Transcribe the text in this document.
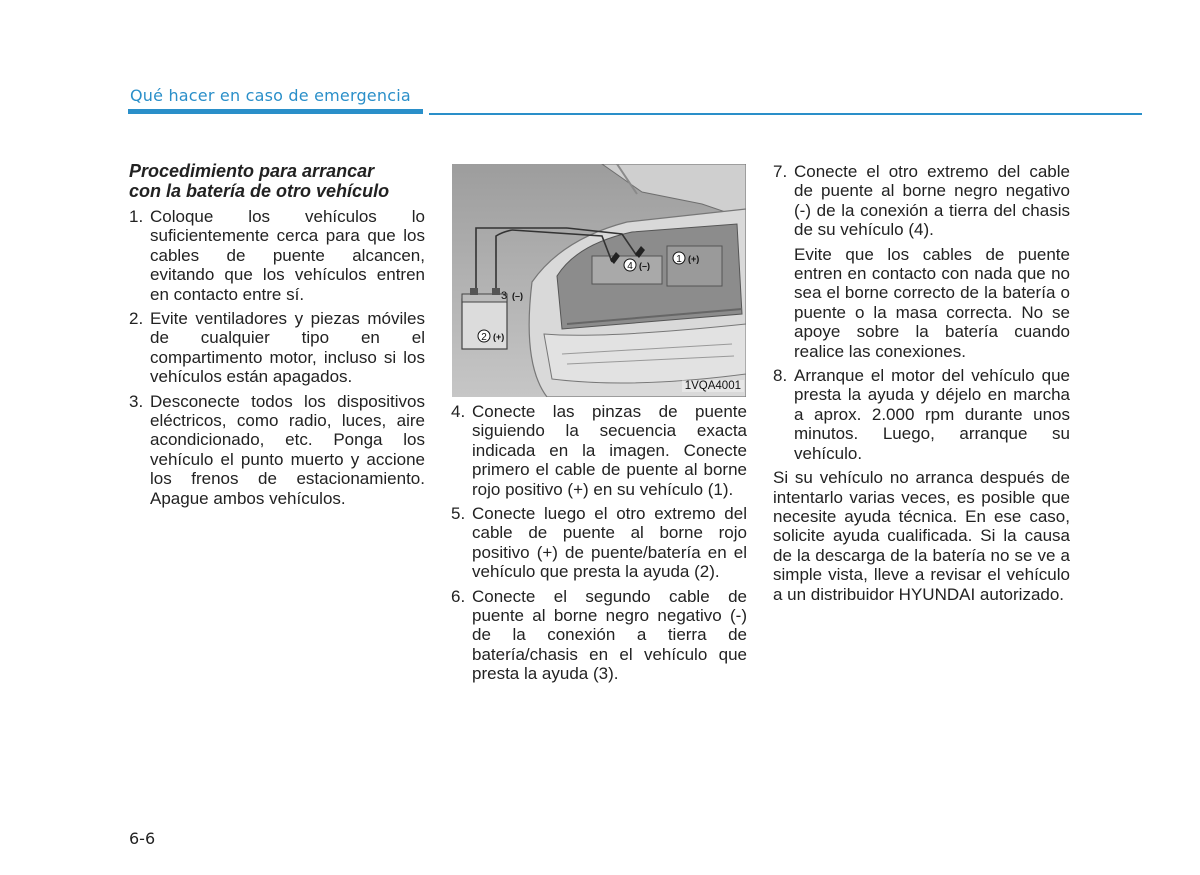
Qué hacer en caso de emergencia
Procedimiento para arrancar
con la batería de otro vehículo
1. Coloque los vehículos lo suficientemente cerca para que los cables de puente alcancen, evitando que los vehículos entren en contacto entre sí.
2. Evite ventiladores y piezas móviles de cualquier tipo en el compartimento motor, incluso si los vehículos están apagados.
3. Desconecte todos los dispositivos eléctricos, como radio, luces, aire acondicionado, etc. Ponga los vehículo el punto muerto y accione los frenos de estacionamiento. Apague ambos vehículos.
1 (+)
4 (–)
3 (–)
2 (+)
1VQA4001
4. Conecte las pinzas de puente siguiendo la secuencia exacta indicada en la imagen. Conecte primero el cable de puente al borne rojo positivo (+) en su vehículo (1).
5. Conecte luego el otro extremo del cable de puente al borne rojo positivo (+) de puente/batería en el vehículo que presta la ayuda (2).
6. Conecte el segundo cable de puente al borne negro negativo (-) de la conexión a tierra de batería/chasis en el vehículo que presta la ayuda (3).
7. Conecte el otro extremo del cable de puente al borne negro negativo (-) de la conexión a tierra del chasis de su vehículo (4).
Evite que los cables de puente entren en contacto con nada que no sea el borne correcto de la batería o puente o la masa correcta. No se apoye sobre la batería cuando realice las conexiones.
8. Arranque el motor del vehículo que presta la ayuda y déjelo en marcha a aprox. 2.000 rpm durante unos minutos. Luego, arranque su vehículo.
Si su vehículo no arranca después de intentarlo varias veces, es posible que necesite ayuda técnica. En ese caso, solicite ayuda cualificada. Si la causa de la descarga de la batería no se ve a simple vista, lleve a revisar el vehículo a un distribuidor HYUNDAI autorizado.
6-6
